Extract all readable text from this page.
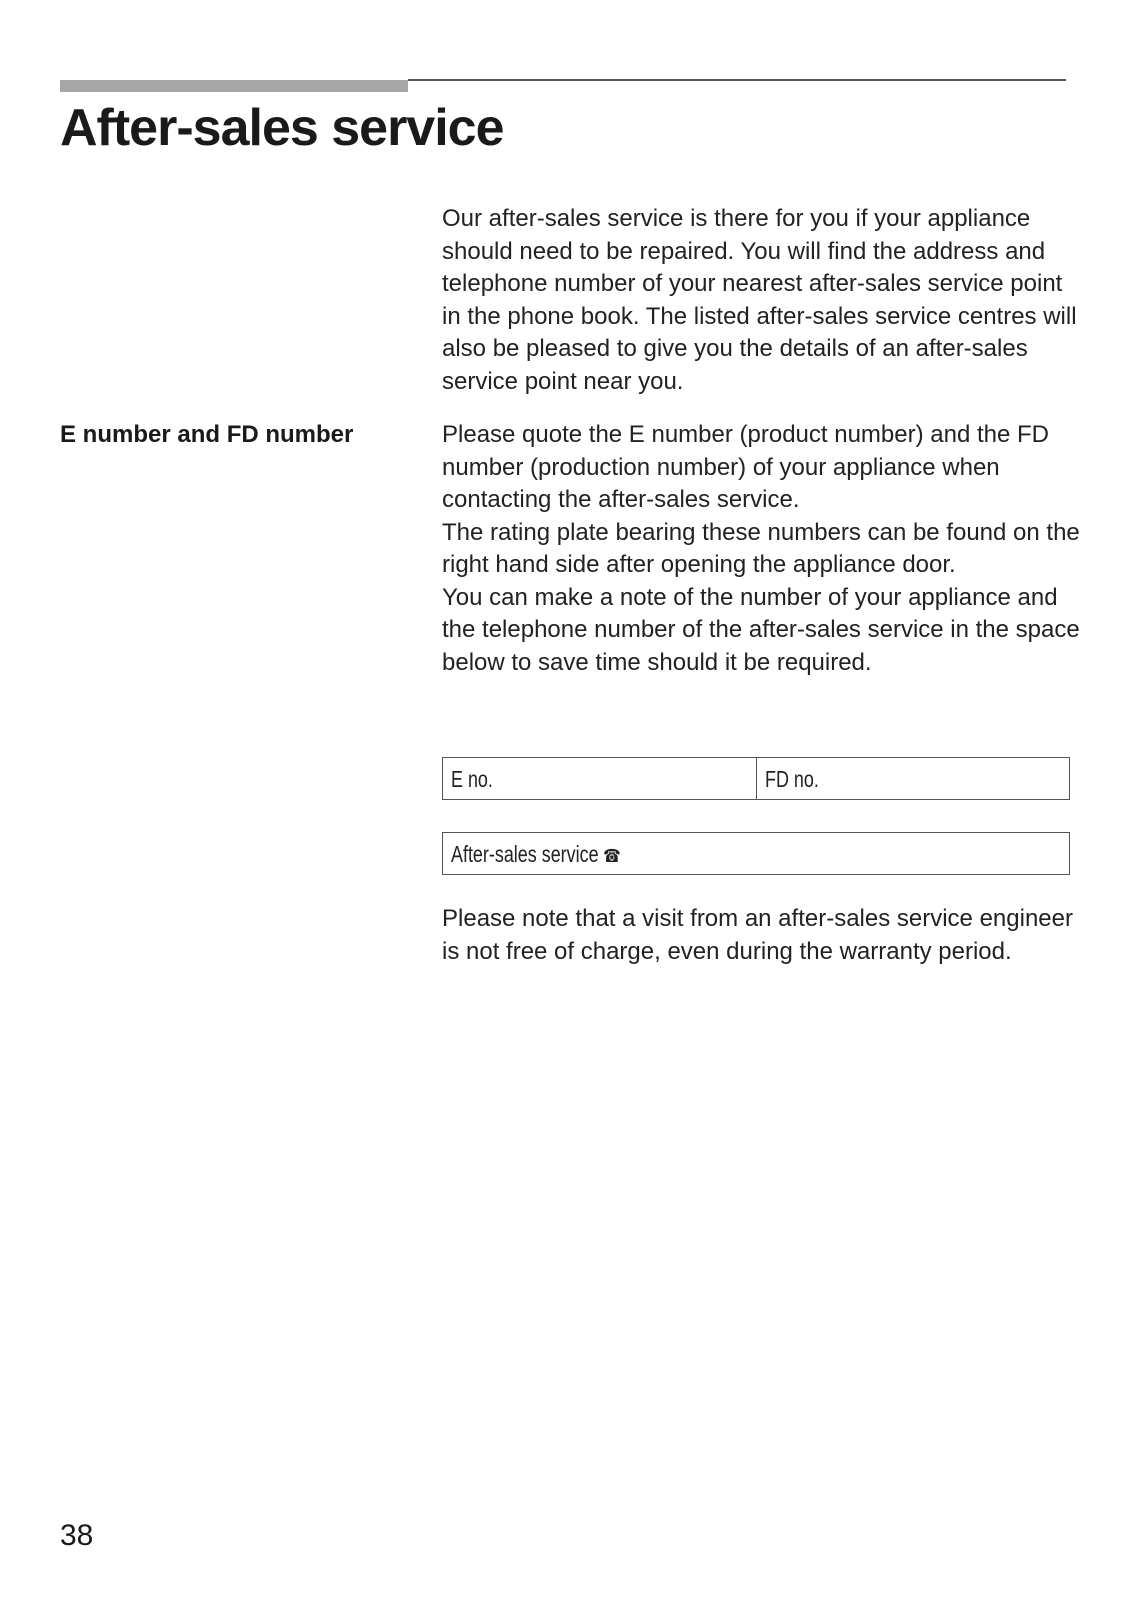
After-sales service

Our after-sales service is there for you if your appliance should need to be repaired. You will find the address and telephone number of your nearest after-sales service point in the phone book. The listed after-sales service centres will also be pleased to give you the details of an after-sales service point near you.

E number and FD number	Please quote the E number (product number) and the FD number (production number) of your appliance when contacting the after-sales service.
The rating plate bearing these numbers can be found on the right hand side after opening the appliance door.
You can make a note of the number of your appliance and the telephone number of the after-sales service in the space below to save time should it be required.
E no.	FD no.
After-sales service ☎

Please note that a visit from an after-sales service engineer is not free of charge, even during the warranty period.

38
